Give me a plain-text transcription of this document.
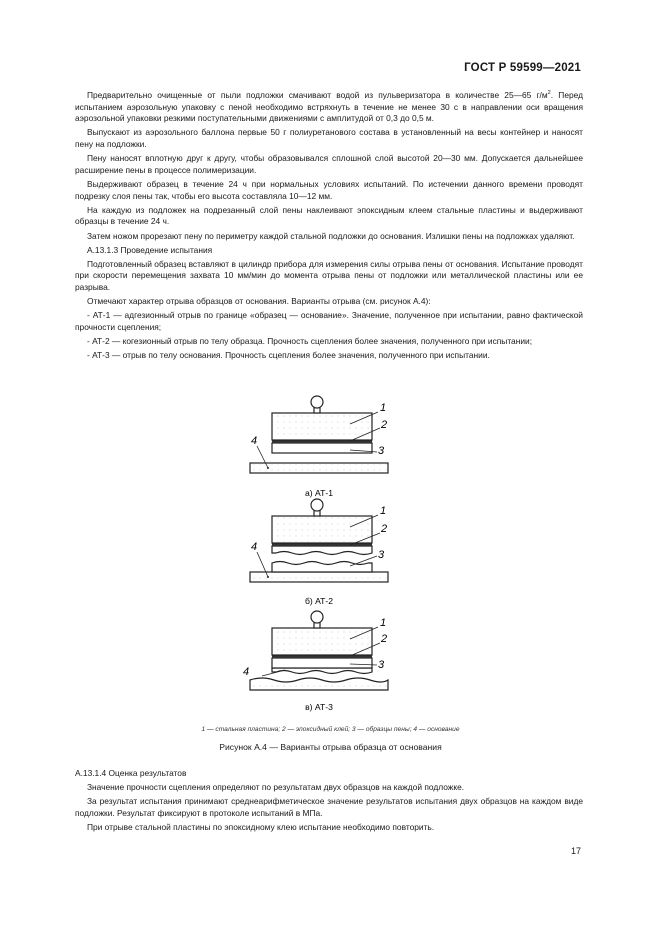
ГОСТ Р 59599—2021

Предварительно очищенные от пыли подложки смачивают водой из пульверизатора в количестве 25—65 $г/м^2$. Перед испытанием аэрозольную упаковку с пеной необходимо встряхнуть в течение не менее 30 с в направлении оси вращения аэрозольной упаковки резкими поступательными движениями с амплитудой от 0,3 до 0,5 м.

Выпускают из аэрозольного баллона первые 50 г полиуретанового состава в установленный на весы контейнер и наносят пену на подложки.

Пену наносят вплотную друг к другу, чтобы образовывался сплошной слой высотой 20—30 мм. Допускается дальнейшее расширение пены в процессе полимеризации.

Выдерживают образец в течение 24 ч при нормальных условиях испытаний. По истечении данного времени проводят подрезку слоя пены так, чтобы его высота составляла 10—12 мм.

На каждую из подложек на подрезанный слой пены наклеивают эпоксидным клеем стальные пластины и выдерживают образцы в течение 24 ч.

Затем ножом прорезают пену по периметру каждой стальной подложки до основания. Излишки пены на подложках удаляют.

А.13.1.3 Проведение испытания

Подготовленный образец вставляют в цилиндр прибора для измерения силы отрыва пены от основания. Испытание проводят при скорости перемещения захвата 10 мм/мин до момента отрыва пены от подложки или металлической пластины или ее разрыва.

Отмечают характер отрыва образцов от основания. Варианты отрыва (см. рисунок А.4):

- АТ-1 — адгезионный отрыв по границе «образец — основание». Значение, полученное при испытании, равно фактической прочности сцепления;

- АТ-2 — когезионный отрыв по телу образца. Прочность сцепления более значения, полученного при испытании;

- АТ-3 — отрыв по телу основания. Прочность сцепления более значения, полученного при испытании.

1
2
3
4
а) АТ-1
1
2
3
4
б) АТ-2
1
2
3
4
в) АТ-3
1 — стальная пластина; 2 — эпоксидный клей; 3 — образцы пены; 4 — основание
Рисунок А.4 — Варианты отрыва образца от основания

А.13.1.4 Оценка результатов

Значение прочности сцепления определяют по результатам двух образцов на каждой подложке.

За результат испытания принимают среднеарифметическое значение результатов испытания двух образцов на каждом виде подложки. Результат фиксируют в протоколе испытаний в МПа.

При отрыве стальной пластины по эпоксидному клею испытание необходимо повторить.

17
